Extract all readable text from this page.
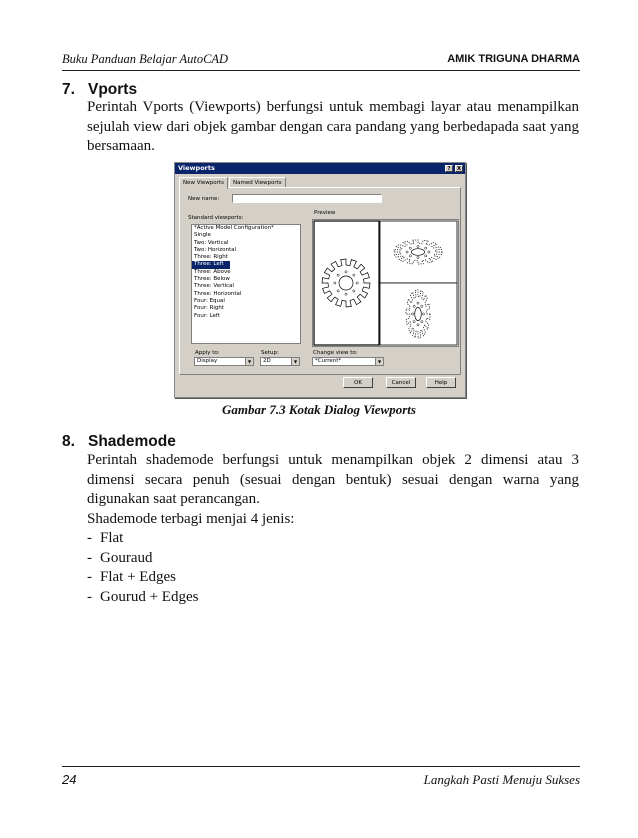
Buku Panduan Belajar AutoCAD	AMIK TRIGUNA DHARMA
7. Vports

Perintah Vports (Viewports) berfungsi untuk membagi layar atau menampilkan sejulah view dari objek gambar dengan cara pandang yang berbedapada saat yang bersamaan.

Viewports	?	X
New Viewports	Named Viewports
New name:
Standard viewports:
Preview
*Active Model Configuration*
Single
Two: Vertical
Two: Horizontal
Three: Right
Three: Left
Three: Above
Three: Below
Three: Vertical
Three: Horizontal
Four: Equal
Four: Right
Four: Left
Apply to:
Display	▼
Setup:
2D	▼
Change view to:
*Current*	▼
OK	Cancel	Help
Gambar 7.3 Kotak Dialog Viewports
8. Shademode

Perintah shademode berfungsi untuk menampilkan objek 2 dimensi atau 3 dimensi secara penuh (sesuai dengan bentuk) sesuai dengan warna yang digunakan saat perancangan.

Shademode terbagi menjai 4 jenis:

- Flat
- Gouraud
- Flat + Edges
- Gourud + Edges
24	Langkah Pasti Menuju Sukses
